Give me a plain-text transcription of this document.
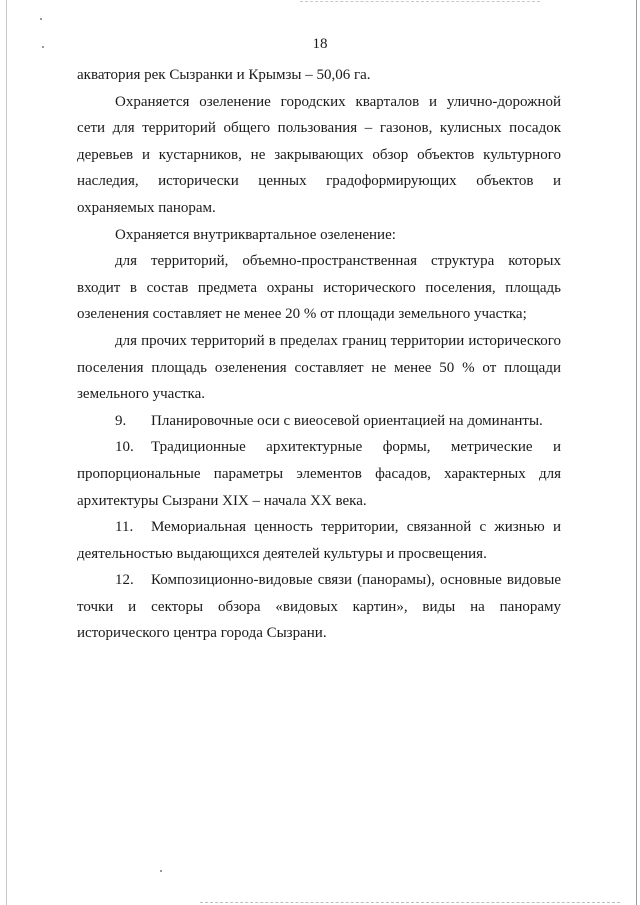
18

акватория рек Сызранки и Крымзы – 50,06 га.

Охраняется озеленение городских кварталов и улично-дорожной сети для территорий общего пользования – газонов, кулисных посадок деревьев и кустарников, не закрывающих обзор объектов культурного наследия, исторически ценных градоформирующих объектов и охраняемых панорам.

Охраняется внутриквартальное озеленение:

для территорий, объемно-пространственная структура которых входит в состав предмета охраны исторического поселения, площадь озеленения составляет не менее 20 % от площади земельного участка;

для прочих территорий в пределах границ территории исторического поселения площадь озеленения составляет не менее 50 % от площади земельного участка.

9. Планировочные оси с виеосевой ориентацией на доминанты.

10. Традиционные архитектурные формы, метрические и пропорциональные параметры элементов фасадов, характерных для архитектуры Сызрани XIX – начала XX века.

11. Мемориальная ценность территории, связанной с жизнью и деятельностью выдающихся деятелей культуры и просвещения.

12. Композиционно-видовые связи (панорамы), основные видовые точки и секторы обзора «видовых картин», виды на панораму исторического центра города Сызрани.
